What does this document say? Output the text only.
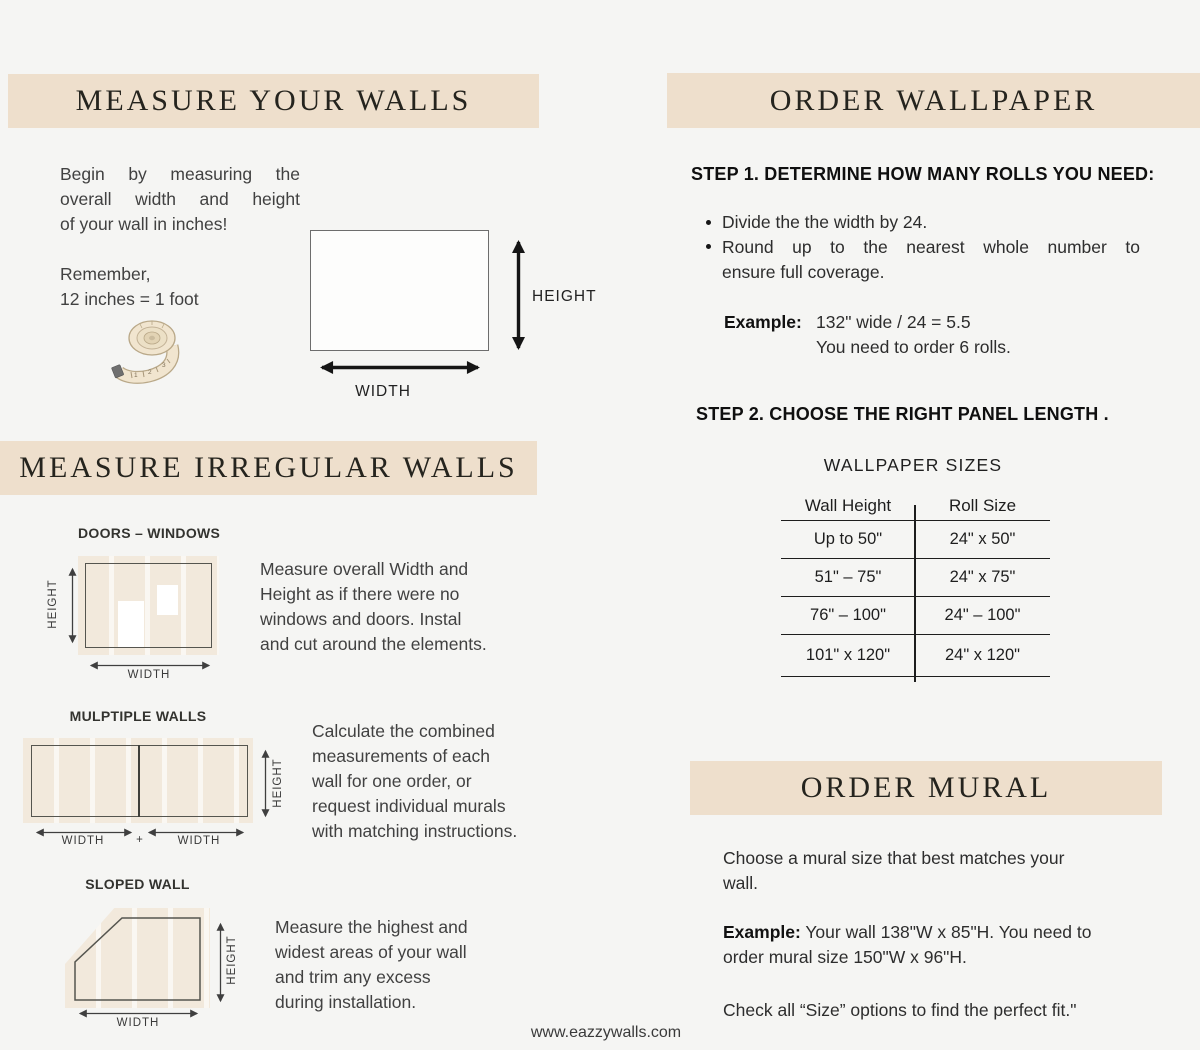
MEASURE YOUR WALLS
Begin by measuring the
overall width and height
of your wall in inches!
Remember,
12 inches = 1 foot
1 2
3
HEIGHT
WIDTH
MEASURE IRREGULAR WALLS
DOORS – WINDOWS
HEIGHT
WIDTH
Measure overall Width and
Height as if there were no
windows and doors. Instal
and cut around the elements.
MULPTIPLE WALLS
HEIGHT
WIDTH	+	WIDTH
Calculate the combined
measurements of each
wall for one order, or
request individual murals
with matching instructions.
SLOPED WALL
HEIGHT
WIDTH
Measure the highest and
widest areas of your wall
and trim any excess
during installation.
ORDER WALLPAPER
STEP 1. DETERMINE HOW MANY ROLLS YOU NEED:
Divide the the width by 24.
Round up to the nearest whole number to
ensure full coverage.
Example: 132" wide / 24 = 5.5
You need to order 6 rolls.
STEP 2. CHOOSE THE RIGHT PANEL LENGTH .
WALLPAPER SIZES
Wall Height	Roll Size
Up to 50"	24" x 50"
51" – 75"	24" x 75"
76" – 100"	24" – 100"
101" x 120"	24" x 120"
ORDER MURAL
Choose a mural size that best matches your
wall.
Example: Your wall 138"W x 85"H. You need to
order mural size 150"W x 96"H.
Check all “Size” options to find the perfect fit."
www.eazzywalls.com
